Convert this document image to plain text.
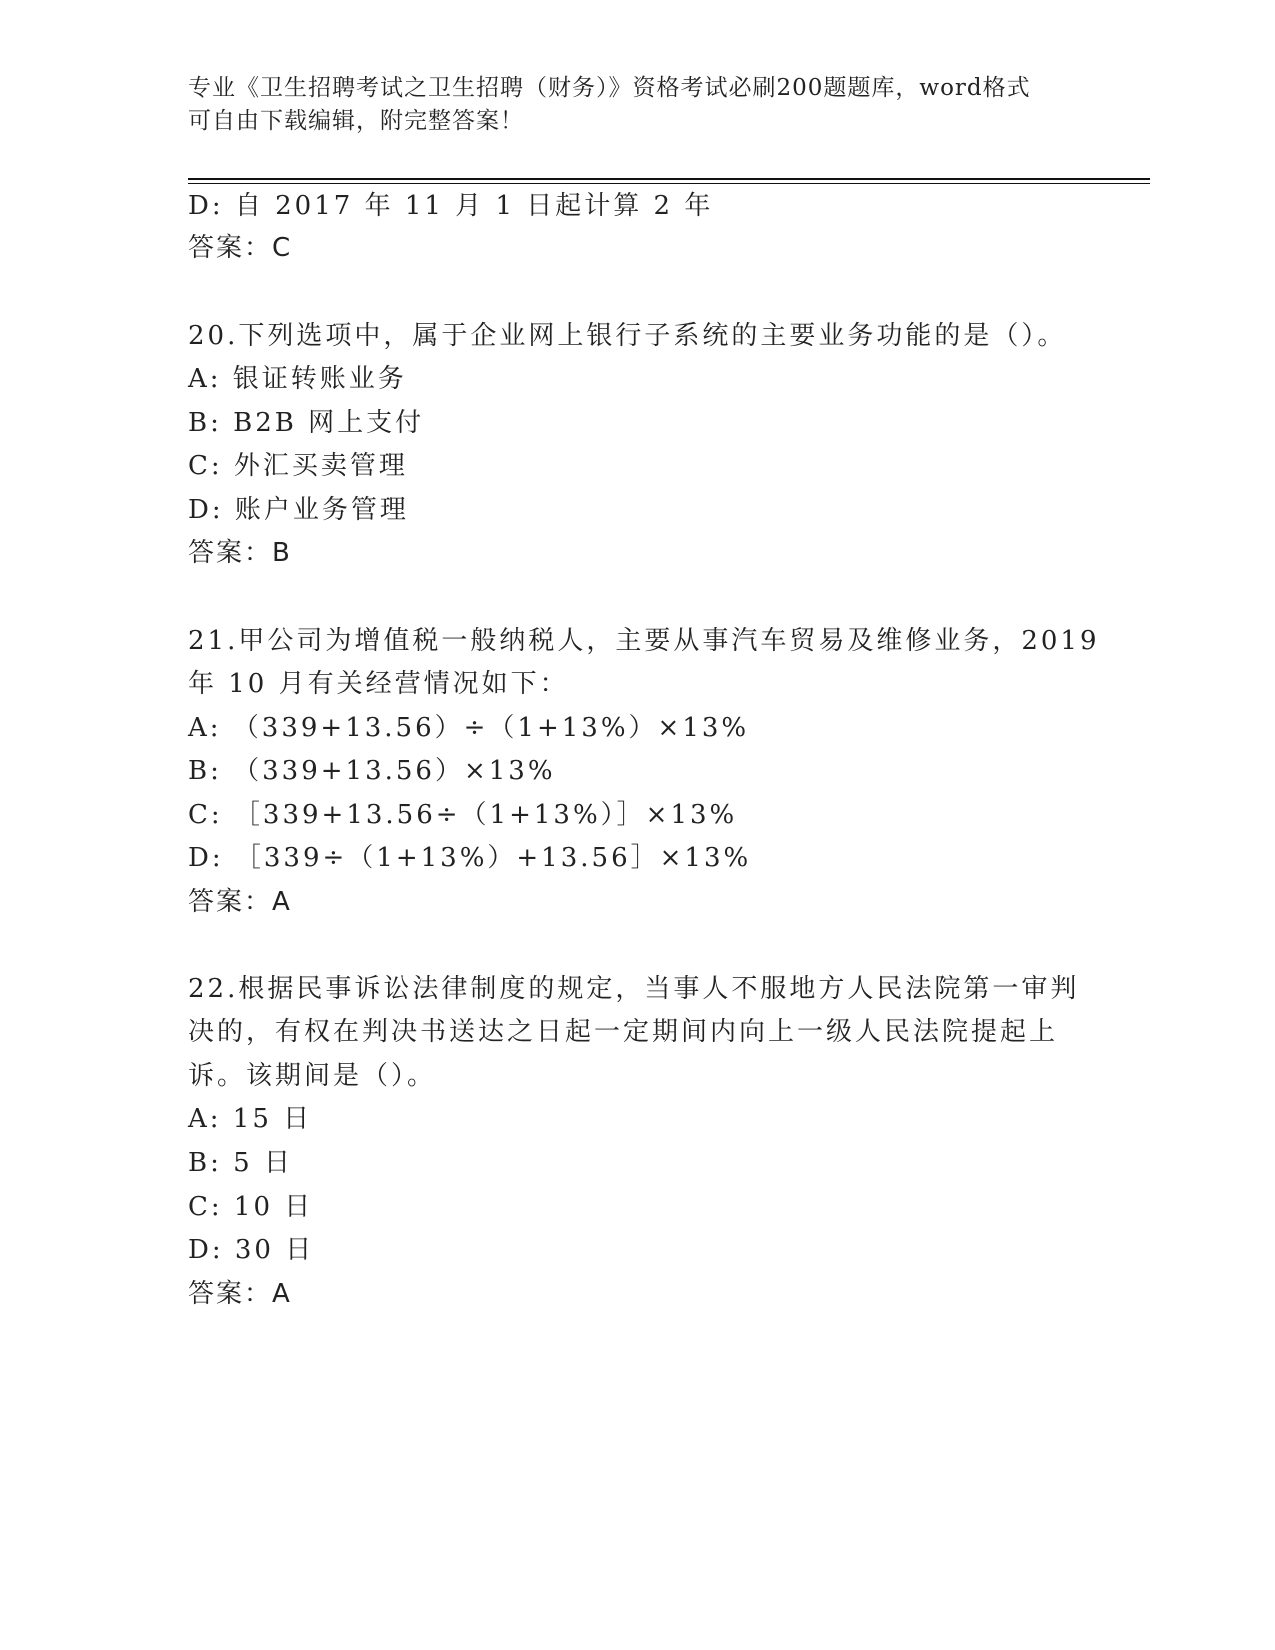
专业《卫生招聘考试之卫生招聘（财务）》资格考试必刷200题题库，word格式
可自由下载编辑，附完整答案！
D: 自 2017 年 11 月 1 日起计算 2 年
答案：C
20.下列选项中，属于企业网上银行子系统的主要业务功能的是（）。
A: 银证转账业务
B: B2B 网上支付
C: 外汇买卖管理
D: 账户业务管理
答案：B
21.甲公司为增值税一般纳税人，主要从事汽车贸易及维修业务，2019
年 10 月有关经营情况如下：
A: （339+13.56）÷（1+13%）×13%
B: （339+13.56）×13%
C: ［339+13.56÷（1+13%）］×13%
D: ［339÷（1+13%）+13.56］×13%
答案：A
22.根据民事诉讼法律制度的规定，当事人不服地方人民法院第一审判
决的，有权在判决书送达之日起一定期间内向上一级人民法院提起上
诉。该期间是（）。
A: 15 日
B: 5 日
C: 10 日
D: 30 日
答案：A
